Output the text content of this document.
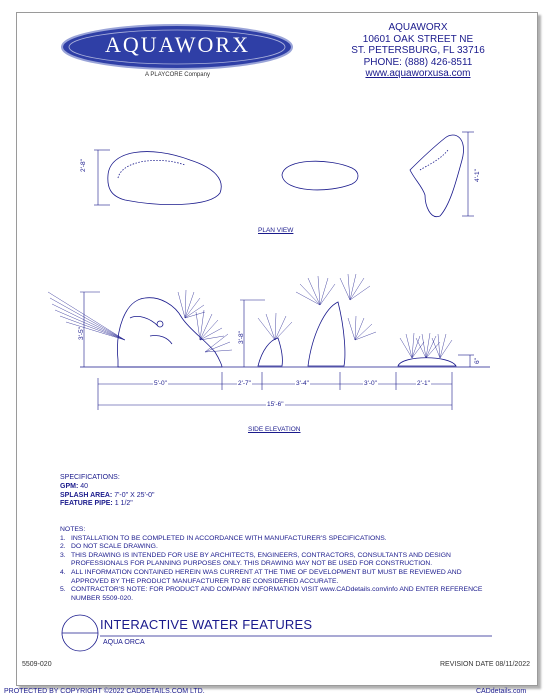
AQUAWORX
A PLAYCORE Company
AQUAWORX
10601 OAK STREET NE
ST. PETERSBURG, FL 33716
PHONE: (888) 426-8511
www.aquaworxusa.com
2'-8"
4'-1"
PLAN VIEW
3'-5"	3'-8"
6"
5'-0"	2'-7"	3'-4"	3'-0"	2'-1"
15'-6"
SIDE ELEVATION
SPECIFICATIONS:
GPM: 40
SPLASH AREA: 7'-0" X 25'-0"
FEATURE PIPE: 1 1/2"
NOTES:
1. INSTALLATION TO BE COMPLETED IN ACCORDANCE WITH MANUFACTURER'S SPECIFICATIONS.
2. DO NOT SCALE DRAWING.
3. THIS DRAWING IS INTENDED FOR USE BY ARCHITECTS, ENGINEERS, CONTRACTORS, CONSULTANTS AND DESIGN PROFESSIONALS FOR PLANNING PURPOSES ONLY. THIS DRAWING MAY NOT BE USED FOR CONSTRUCTION.
4. ALL INFORMATION CONTAINED HEREIN WAS CURRENT AT THE TIME OF DEVELOPMENT BUT MUST BE REVIEWED AND APPROVED BY THE PRODUCT MANUFACTURER TO BE CONSIDERED ACCURATE.
5. CONTRACTOR'S NOTE: FOR PRODUCT AND COMPANY INFORMATION VISIT www.CADdetails.com/info AND ENTER REFERENCE NUMBER 5509-020.
INTERACTIVE WATER FEATURES
AQUA ORCA
5509-020	REVISION DATE 08/11/2022
PROTECTED BY COPYRIGHT ©2022 CADDETAILS.COM LTD.	CADdetails.com
